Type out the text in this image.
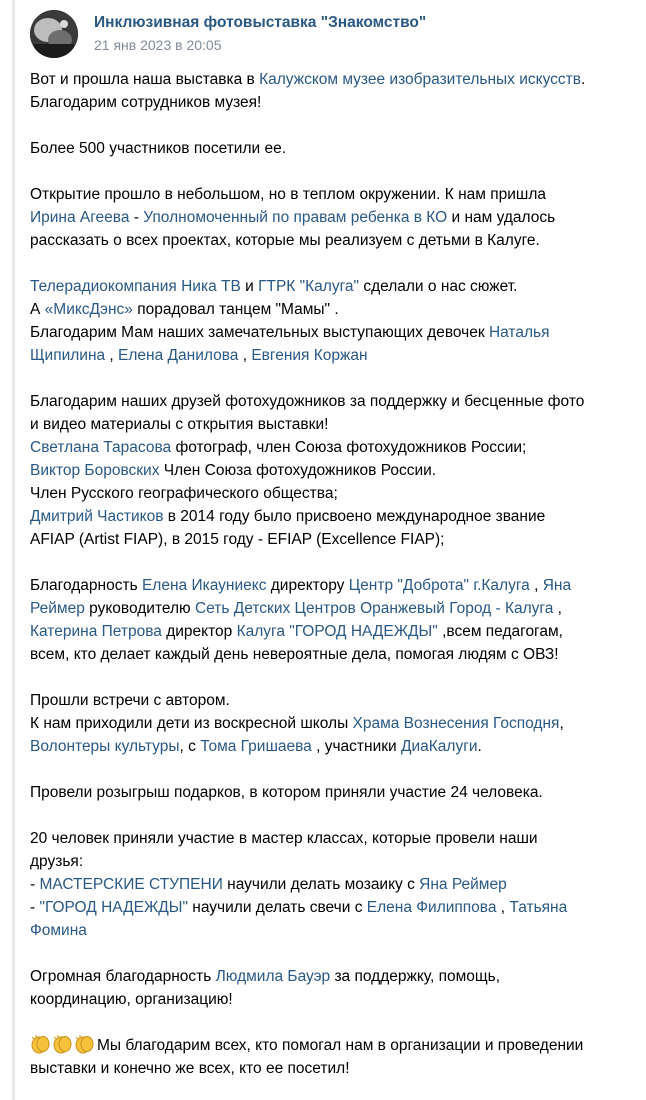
Инклюзивная фотовыставка "Знакомство"
21 янв 2023 в 20:05
Вот и прошла наша выставка в Калужском музее изобразительных искусств.
Благодарим сотрудников музея!
Более 500 участников посетили ее.
Открытие прошло в небольшом, но в теплом окружении. К нам пришла
Ирина Агеева - Уполномоченный по правам ребенка в КО и нам удалось
рассказать о всех проектах, которые мы реализуем с детьми в Калуге.
Телерадиокомпания Ника ТВ и ГТРК "Калуга" сделали о нас сюжет.
А «МиксДэнс» порадовал танцем "Мамы" .
Благодарим Мам наших замечательных выступающих девочек Наталья
Щипилина , Елена Данилова , Евгения Коржан
Благодарим наших друзей фотохудожников за поддержку и бесценные фото
и видео материалы с открытия выставки!
Светлана Тарасова фотограф, член Союза фотохудожников России;
Виктор Боровских Член Союза фотохудожников России.
Член Русского географического общества;
Дмитрий Частиков в 2014 году было присвоено международное звание
AFIAP (Artist FIAP), в 2015 году - EFIAP (Excellence FIAP);
Благодарность Елена Икауниекс директору Центр "Доброта" г.Калуга , Яна
Реймер руководителю Сеть Детских Центров Оранжевый Город - Калуга ,
Катерина Петрова директор Калуга "ГОРОД НАДЕЖДЫ" ,всем педагогам,
всем, кто делает каждый день невероятные дела, помогая людям с ОВЗ!
Прошли встречи с автором.
К нам приходили дети из воскресной школы Храма Вознесения Господня,
Волонтеры культуры, с Тома Гришаева , участники ДиаКалуги.
Провели розыгрыш подарков, в котором приняли участие 24 человека.
20 человек приняли участие в мастер классах, которые провели наши
друзья:
- МАСТЕРСКИЕ СТУПЕНИ научили делать мозаику с Яна Реймер
- "ГОРОД НАДЕЖДЫ" научили делать свечи с Елена Филиппова , Татьяна
Фомина
Огромная благодарность Людмила Бауэр за поддержку, помощь,
координацию, организацию!
Мы благодарим всех, кто помогал нам в организации и проведении
выставки и конечно же всех, кто ее посетил!
